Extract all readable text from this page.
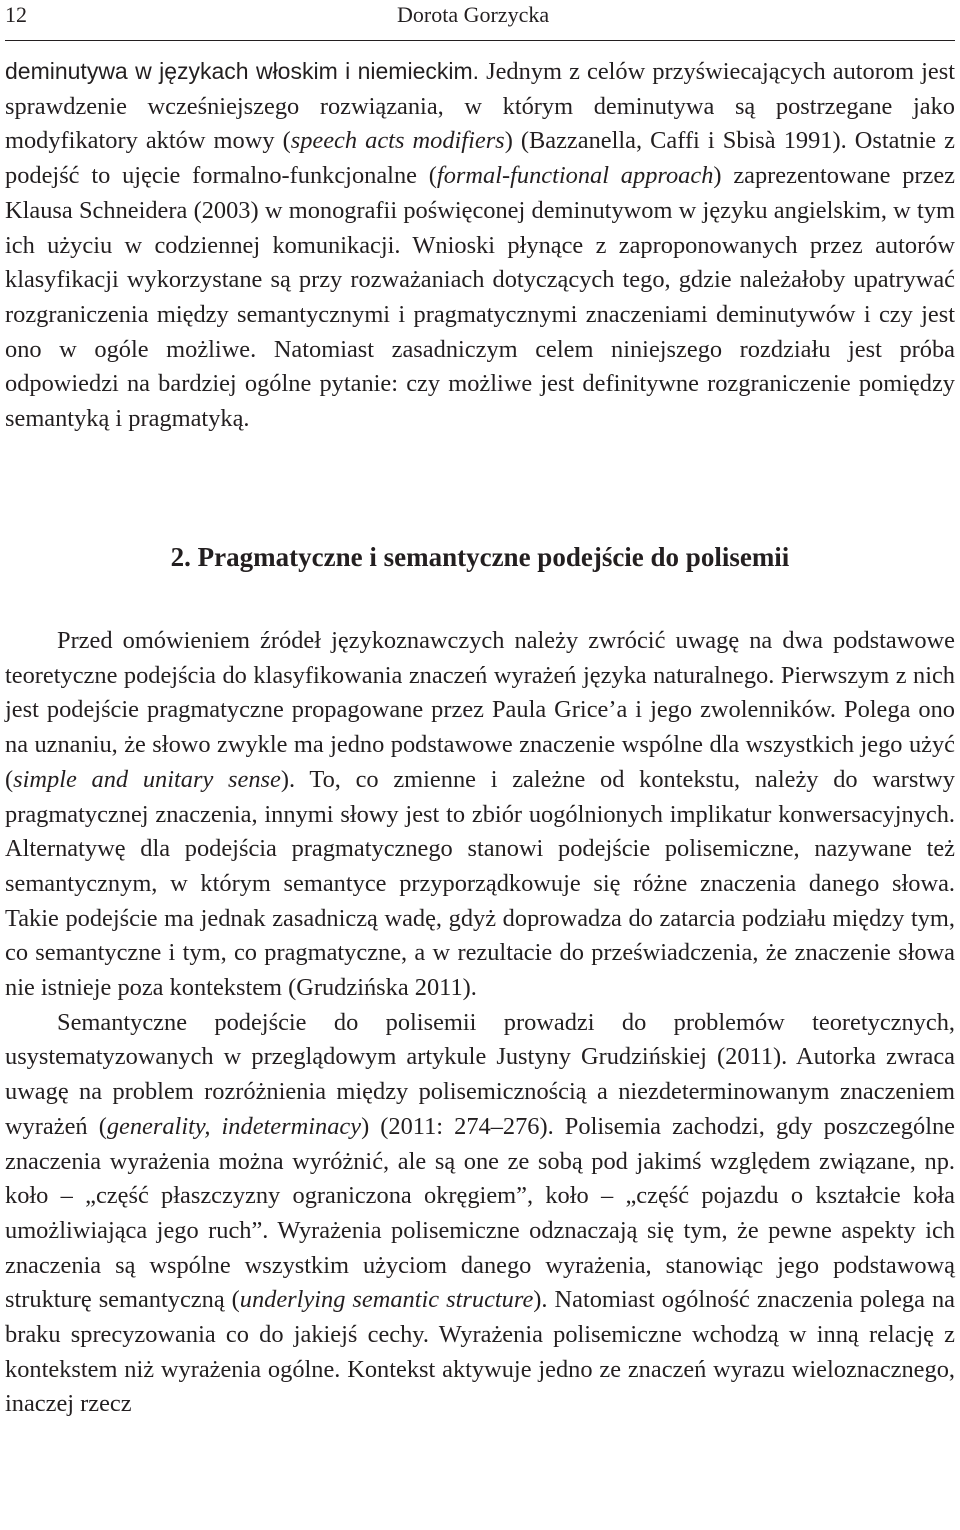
12	Dorota Gorzycka

deminutywa w językach włoskim i niemieckim. Jednym z celów przyświecających autorom jest sprawdzenie wcześniejszego rozwiązania, w którym deminutywa są postrzegane jako modyfikatory aktów mowy (speech acts modifiers) (Bazzanella, Caffi i Sbisà 1991). Ostatnie z podejść to ujęcie formalno-funkcjonalne (formal-functional approach) zaprezentowane przez Klausa Schneidera (2003) w monografii poświęconej deminutywom w języku angielskim, w tym ich użyciu w codziennej komunikacji. Wnioski płynące z zaproponowanych przez autorów klasyfikacji wykorzystane są przy rozważaniach dotyczących tego, gdzie należałoby upatrywać rozgraniczenia między semantycznymi i pragmatycznymi znaczeniami deminutywów i czy jest ono w ogóle możliwe. Natomiast zasadniczym celem niniejszego rozdziału jest próba odpowiedzi na bardziej ogólne pytanie: czy możliwe jest definitywne rozgraniczenie pomiędzy semantyką i pragmatyką.

2. Pragmatyczne i semantyczne podejście do polisemii

Przed omówieniem źródeł językoznawczych należy zwrócić uwagę na dwa podstawowe teoretyczne podejścia do klasyfikowania znaczeń wyrażeń języka naturalnego. Pierwszym z nich jest podejście pragmatyczne propagowane przez Paula Grice’a i jego zwolenników. Polega ono na uznaniu, że słowo zwykle ma jedno podstawowe znaczenie wspólne dla wszystkich jego użyć (simple and unitary sense). To, co zmienne i zależne od kontekstu, należy do warstwy pragmatycznej znaczenia, innymi słowy jest to zbiór uogólnionych implikatur konwersacyjnych. Alternatywę dla podejścia pragmatycznego stanowi podejście polisemiczne, nazywane też semantycznym, w którym semantyce przyporządkowuje się różne znaczenia danego słowa. Takie podejście ma jednak zasadniczą wadę, gdyż doprowadza do zatarcia podziału między tym, co semantyczne i tym, co pragmatyczne, a w rezultacie do przeświadczenia, że znaczenie słowa nie istnieje poza kontekstem (Grudzińska 2011).

Semantyczne podejście do polisemii prowadzi do problemów teoretycznych, usystematyzowanych w przeglądowym artykule Justyny Grudzińskiej (2011). Autorka zwraca uwagę na problem rozróżnienia między polisemicznością a niezdeterminowanym znaczeniem wyrażeń (generality, indeterminacy) (2011: 274–276). Polisemia zachodzi, gdy poszczególne znaczenia wyrażenia można wyróżnić, ale są one ze sobą pod jakimś względem związane, np. koło – „część płaszczyzny ograniczona okręgiem”, koło – „część pojazdu o kształcie koła umożliwiająca jego ruch”. Wyrażenia polisemiczne odznaczają się tym, że pewne aspekty ich znaczenia są wspólne wszystkim użyciom danego wyrażenia, stanowiąc jego podstawową strukturę semantyczną (underlying semantic structure). Natomiast ogólność znaczenia polega na braku sprecyzowania co do jakiejś cechy. Wyrażenia polisemiczne wchodzą w inną relację z kontekstem niż wyrażenia ogólne. Kontekst aktywuje jedno ze znaczeń wyrazu wieloznacznego, inaczej rzecz
